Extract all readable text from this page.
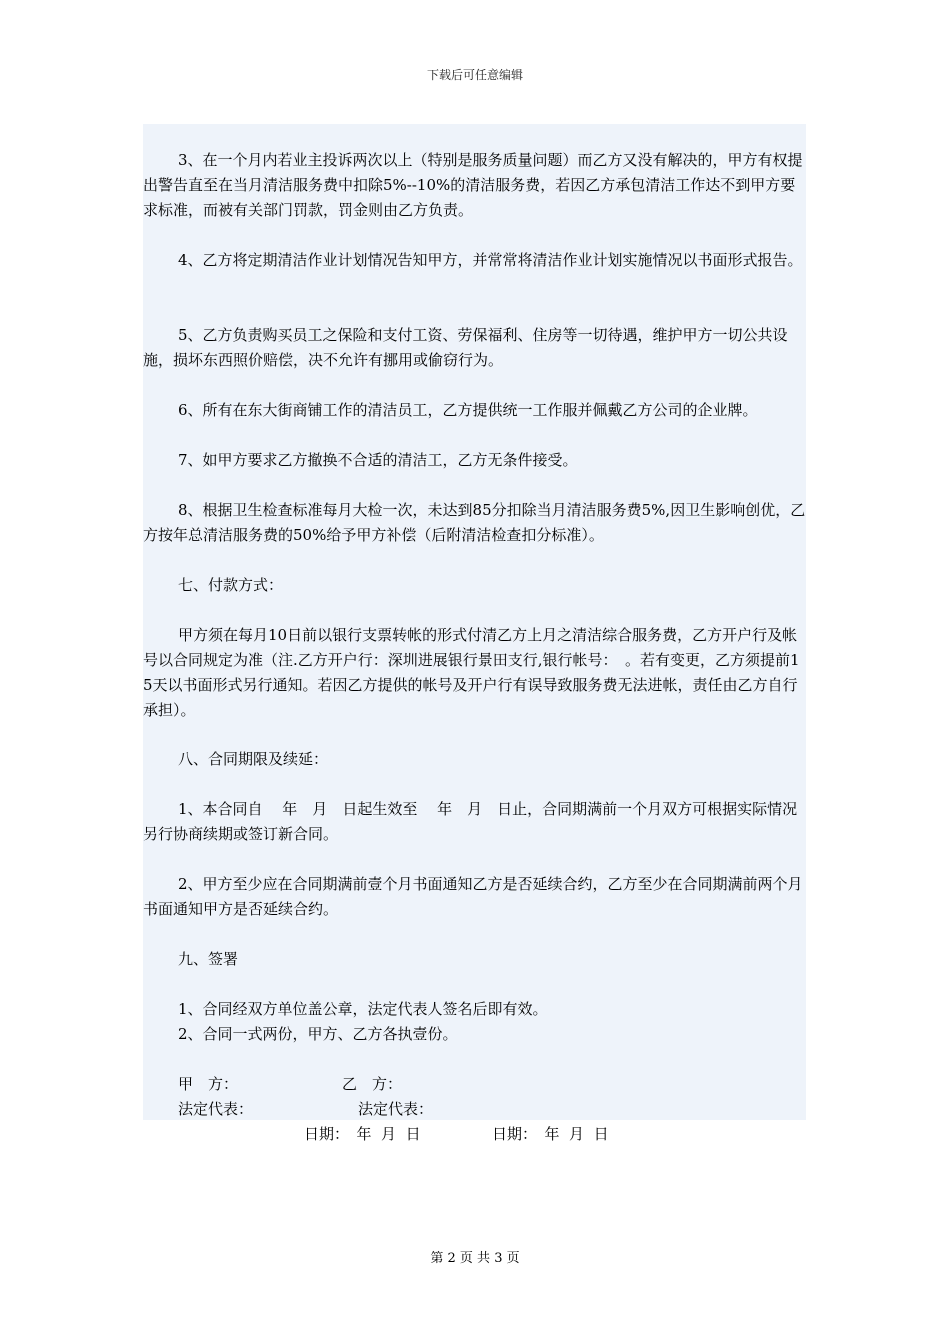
下载后可任意编辑
3、在一个月内若业主投诉两次以上（特别是服务质量问题）而乙方又没有解决的，甲方有权提出警告直至在当月清洁服务费中扣除5%--10%的清洁服务费，若因乙方承包清洁工作达不到甲方要求标准，而被有关部门罚款，罚金则由乙方负责。
4、乙方将定期清洁作业计划情况告知甲方，并常常将清洁作业计划实施情况以书面形式报告。
5、乙方负责购买员工之保险和支付工资、劳保福利、住房等一切待遇，维护甲方一切公共设施，损坏东西照价赔偿，决不允许有挪用或偷窃行为。
6、所有在东大街商铺工作的清洁员工，乙方提供统一工作服并佩戴乙方公司的企业牌。
7、如甲方要求乙方撤换不合适的清洁工，乙方无条件接受。
8、根据卫生检查标准每月大检一次，未达到85分扣除当月清洁服务费5%,因卫生影响创优，乙方按年总清洁服务费的50%给予甲方补偿（后附清洁检查扣分标准）。
七、付款方式：
甲方须在每月10日前以银行支票转帐的形式付清乙方上月之清洁综合服务费，乙方开户行及帐号以合同规定为准（注.乙方开户行：深圳进展银行景田支行,银行帐号：　。若有变更，乙方须提前15天以书面形式另行通知。若因乙方提供的帐号及开户行有误导致服务费无法进帐，责任由乙方自行承担）。
八、合同期限及续延：
1、本合同自　 年　月　日起生效至　 年　月　日止，合同期满前一个月双方可根据实际情况另行协商续期或签订新合同。
2、甲方至少应在合同期满前壹个月书面通知乙方是否延续合约，乙方至少在合同期满前两个月书面通知甲方是否延续合约。
九、签署
1、合同经双方单位盖公章，法定代表人签名后即有效。
2、合同一式两份，甲方、乙方各执壹份。
甲　方：	乙　方：
法定代表：	法定代表：
日期：　年  月  日	日期：　年  月  日
第 2 页 共 3 页
